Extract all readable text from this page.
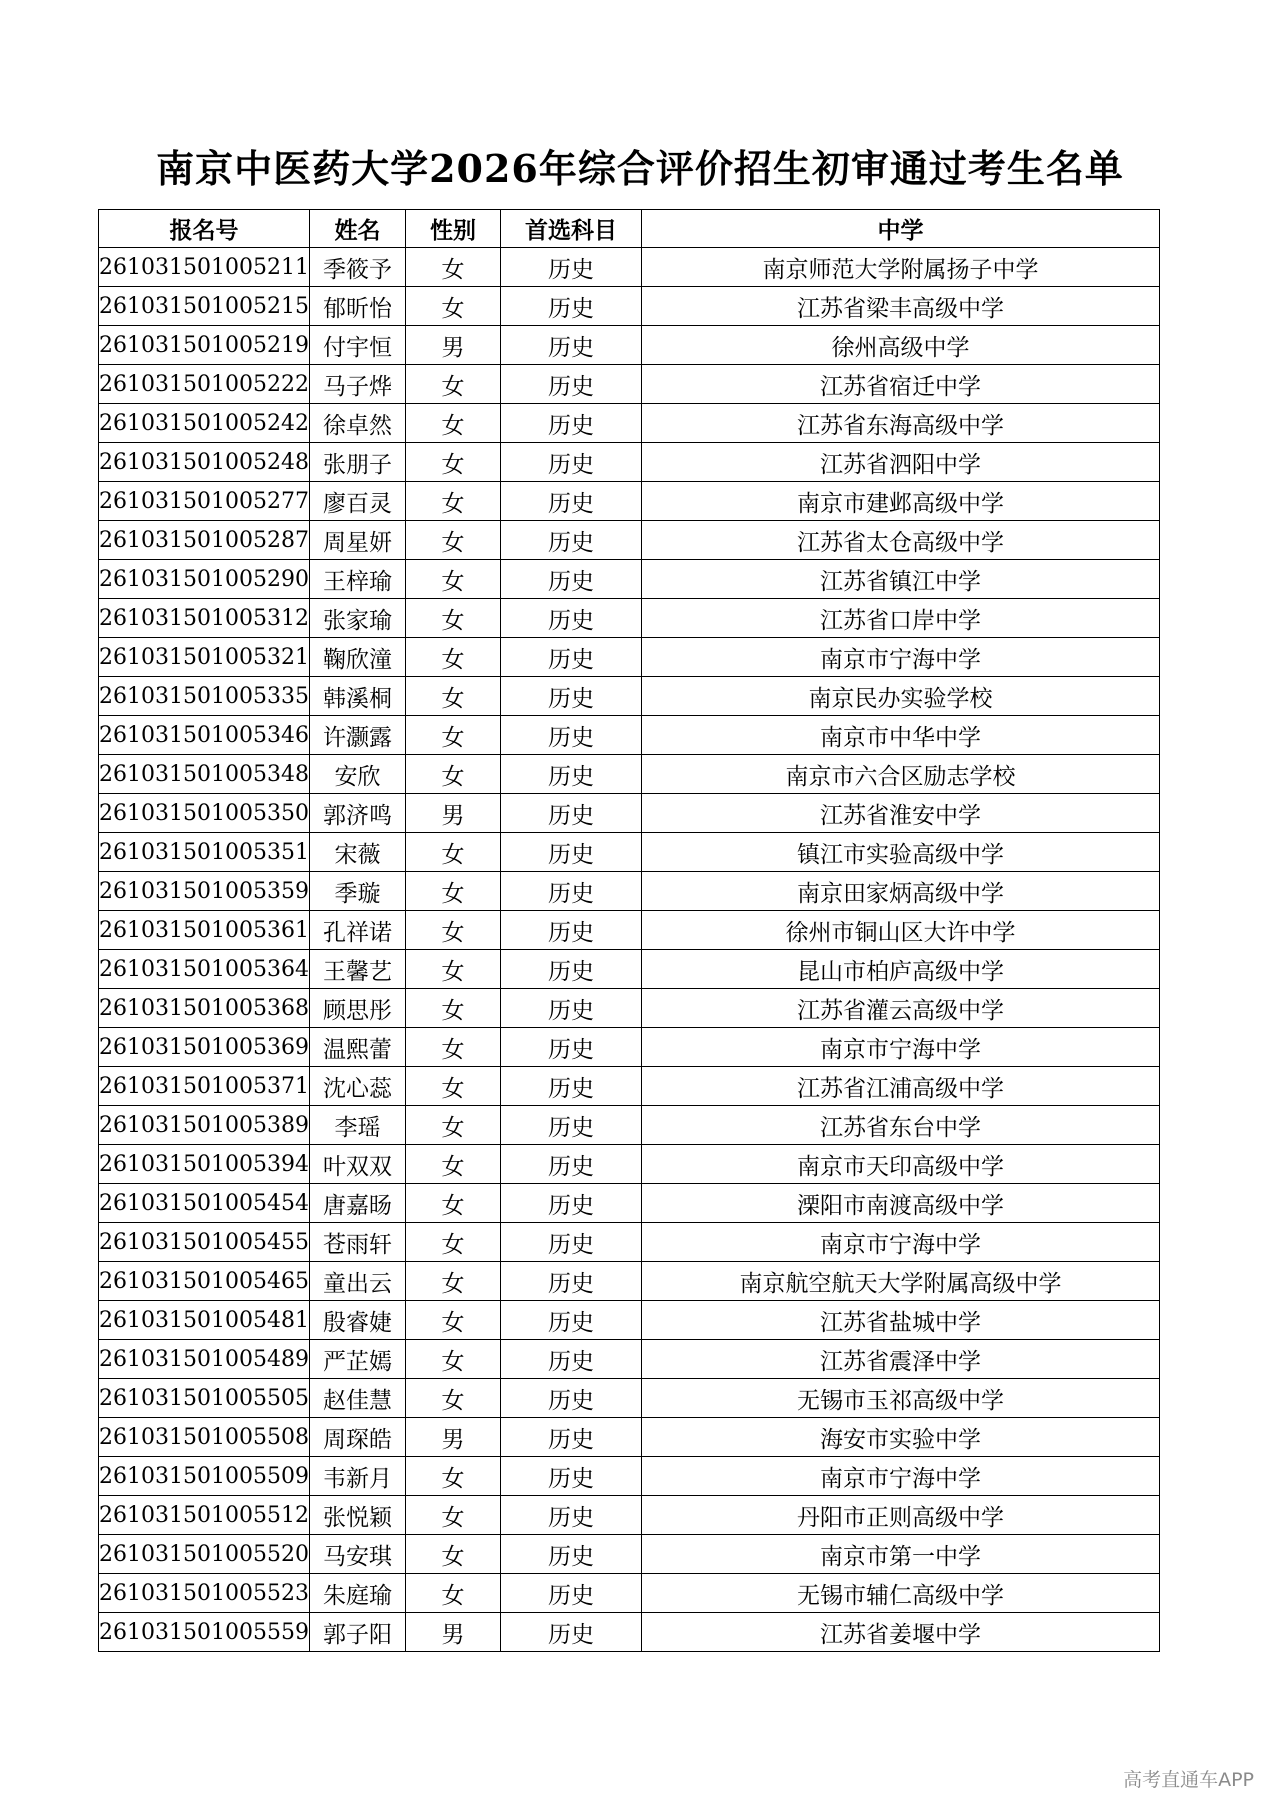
南京中医药大学2026年综合评价招生初审通过考生名单
报名号	姓名	性别	首选科目	中学
261031501005211	季筱予	女	历史	南京师范大学附属扬子中学
261031501005215	郁昕怡	女	历史	江苏省梁丰高级中学
261031501005219	付宇恒	男	历史	徐州高级中学
261031501005222	马子烨	女	历史	江苏省宿迁中学
261031501005242	徐卓然	女	历史	江苏省东海高级中学
261031501005248	张朋子	女	历史	江苏省泗阳中学
261031501005277	廖百灵	女	历史	南京市建邺高级中学
261031501005287	周星妍	女	历史	江苏省太仓高级中学
261031501005290	王梓瑜	女	历史	江苏省镇江中学
261031501005312	张家瑜	女	历史	江苏省口岸中学
261031501005321	鞠欣潼	女	历史	南京市宁海中学
261031501005335	韩溪桐	女	历史	南京民办实验学校
261031501005346	许灏露	女	历史	南京市中华中学
261031501005348	安欣	女	历史	南京市六合区励志学校
261031501005350	郭济鸣	男	历史	江苏省淮安中学
261031501005351	宋薇	女	历史	镇江市实验高级中学
261031501005359	季璇	女	历史	南京田家炳高级中学
261031501005361	孔祥诺	女	历史	徐州市铜山区大许中学
261031501005364	王馨艺	女	历史	昆山市柏庐高级中学
261031501005368	顾思彤	女	历史	江苏省灌云高级中学
261031501005369	温熙蕾	女	历史	南京市宁海中学
261031501005371	沈心蕊	女	历史	江苏省江浦高级中学
261031501005389	李瑶	女	历史	江苏省东台中学
261031501005394	叶双双	女	历史	南京市天印高级中学
261031501005454	唐嘉旸	女	历史	溧阳市南渡高级中学
261031501005455	苍雨轩	女	历史	南京市宁海中学
261031501005465	童出云	女	历史	南京航空航天大学附属高级中学
261031501005481	殷睿婕	女	历史	江苏省盐城中学
261031501005489	严芷嫣	女	历史	江苏省震泽中学
261031501005505	赵佳慧	女	历史	无锡市玉祁高级中学
261031501005508	周琛皓	男	历史	海安市实验中学
261031501005509	韦新月	女	历史	南京市宁海中学
261031501005512	张悦颖	女	历史	丹阳市正则高级中学
261031501005520	马安琪	女	历史	南京市第一中学
261031501005523	朱庭瑜	女	历史	无锡市辅仁高级中学
261031501005559	郭子阳	男	历史	江苏省姜堰中学
高考直通车APP
